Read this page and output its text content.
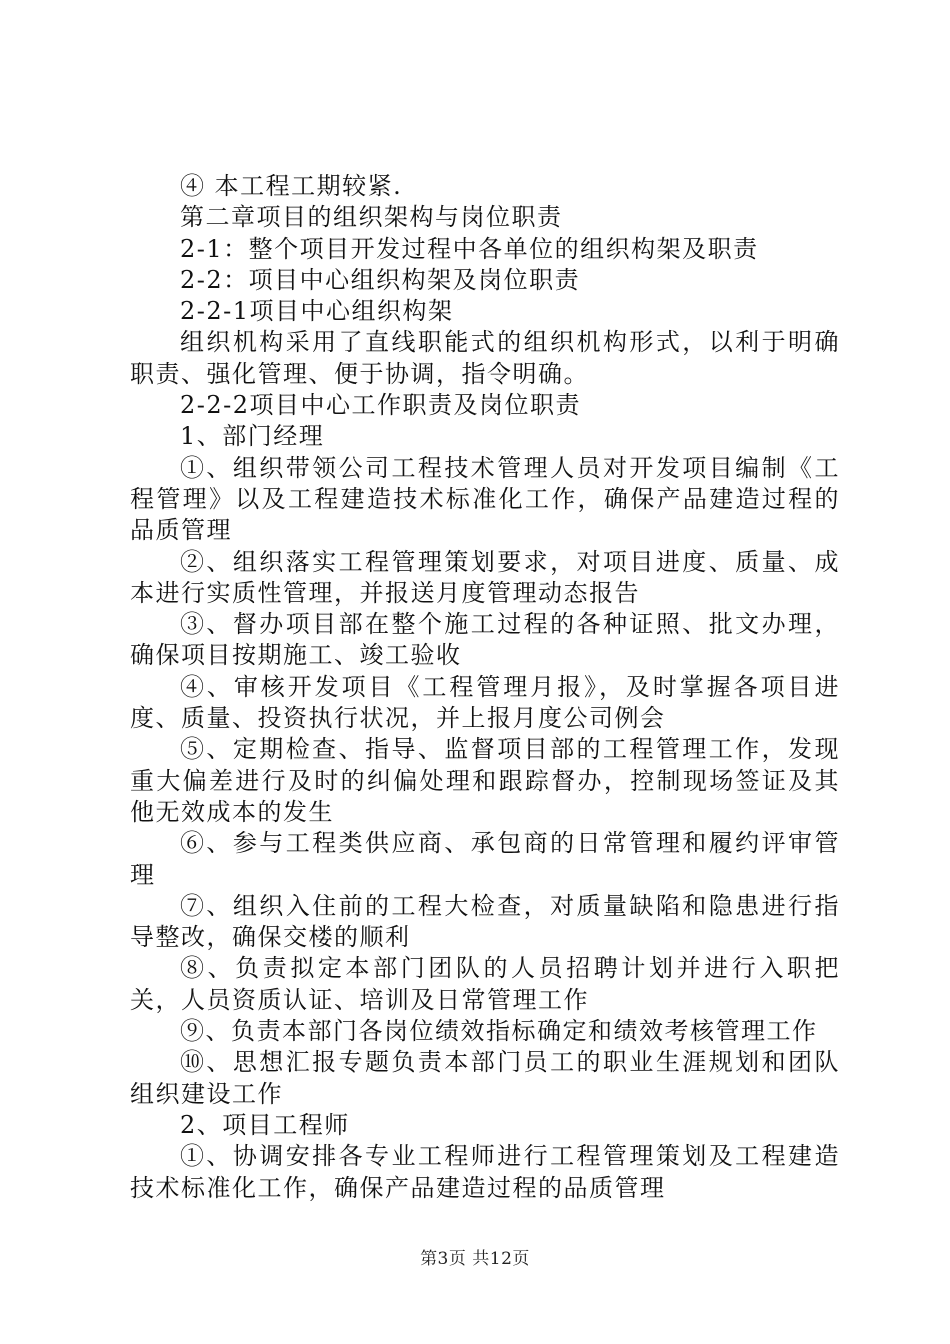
④ 本工程工期较紧.

第二章项目的组织架构与岗位职责

2-1：整个项目开发过程中各单位的组织构架及职责

2-2：项目中心组织构架及岗位职责

2-2-1项目中心组织构架

组织机构采用了直线职能式的组织机构形式，以利于明确职责、强化管理、便于协调，指令明确。

2-2-2项目中心工作职责及岗位职责

1、部门经理

①、组织带领公司工程技术管理人员对开发项目编制《工程管理》以及工程建造技术标准化工作，确保产品建造过程的品质管理

②、组织落实工程管理策划要求，对项目进度、质量、成本进行实质性管理，并报送月度管理动态报告

③、督办项目部在整个施工过程的各种证照、批文办理，确保项目按期施工、竣工验收

④、审核开发项目《工程管理月报》，及时掌握各项目进度、质量、投资执行状况，并上报月度公司例会

⑤、定期检查、指导、监督项目部的工程管理工作，发现重大偏差进行及时的纠偏处理和跟踪督办，控制现场签证及其他无效成本的发生

⑥、参与工程类供应商、承包商的日常管理和履约评审管理

⑦、组织入住前的工程大检查，对质量缺陷和隐患进行指导整改，确保交楼的顺利

⑧、负责拟定本部门团队的人员招聘计划并进行入职把关，人员资质认证、培训及日常管理工作

⑨、负责本部门各岗位绩效指标确定和绩效考核管理工作

⑩、思想汇报专题负责本部门员工的职业生涯规划和团队组织建设工作

2、项目工程师

①、协调安排各专业工程师进行工程管理策划及工程建造技术标准化工作，确保产品建造过程的品质管理

第3页 共12页
